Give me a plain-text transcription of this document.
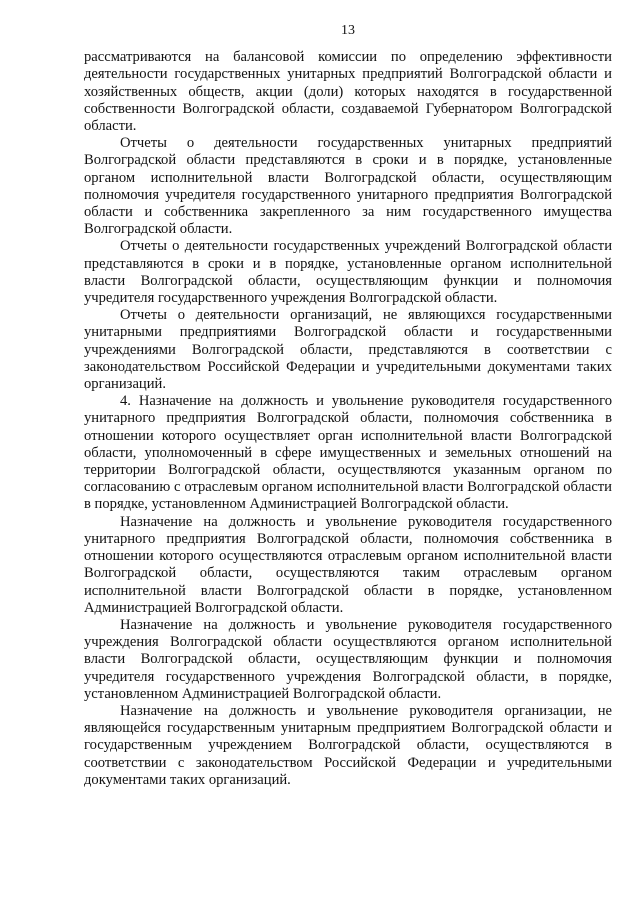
13

рассматриваются на балансовой комиссии по определению эффективности деятельности государственных унитарных предприятий Волгоградской области и хозяйственных обществ, акции (доли) которых находятся в государственной собственности Волгоградской области, создаваемой Губернатором Волгоградской области.

Отчеты о деятельности государственных унитарных предприятий Волгоградской области представляются в сроки и в порядке, установленные органом исполнительной власти Волгоградской области, осуществляющим полномочия учредителя государственного унитарного предприятия Волгоградской области и собственника закрепленного за ним государственного имущества Волгоградской области.

Отчеты о деятельности государственных учреждений Волгоградской области представляются в сроки и в порядке, установленные органом исполнительной власти Волгоградской области, осуществляющим функции и полномочия учредителя государственного учреждения Волгоградской области.

Отчеты о деятельности организаций, не являющихся государственными унитарными предприятиями Волгоградской области и государственными учреждениями Волгоградской области, представляются в соответствии с законодательством Российской Федерации и учредительными документами таких организаций.

4. Назначение на должность и увольнение руководителя государственного унитарного предприятия Волгоградской области, полномочия собственника в отношении которого осуществляет орган исполнительной власти Волгоградской области, уполномоченный в сфере имущественных и земельных отношений на территории Волгоградской области, осуществляются указанным органом по согласованию с отраслевым органом исполнительной власти Волгоградской области в порядке, установленном Администрацией Волгоградской области.

Назначение на должность и увольнение руководителя государственного унитарного предприятия Волгоградской области, полномочия собственника в отношении которого осуществляются отраслевым органом исполнительной власти Волгоградской области, осуществляются таким отраслевым органом исполнительной власти Волгоградской области в порядке, установленном Администрацией Волгоградской области.

Назначение на должность и увольнение руководителя государственного учреждения Волгоградской области осуществляются органом исполнительной власти Волгоградской области, осуществляющим функции и полномочия учредителя государственного учреждения Волгоградской области, в порядке, установленном Администрацией Волгоградской области.

Назначение на должность и увольнение руководителя организации, не являющейся государственным унитарным предприятием Волгоградской области и государственным учреждением Волгоградской области, осуществляются в соответствии с законодательством Российской Федерации и учредительными документами таких организаций.
